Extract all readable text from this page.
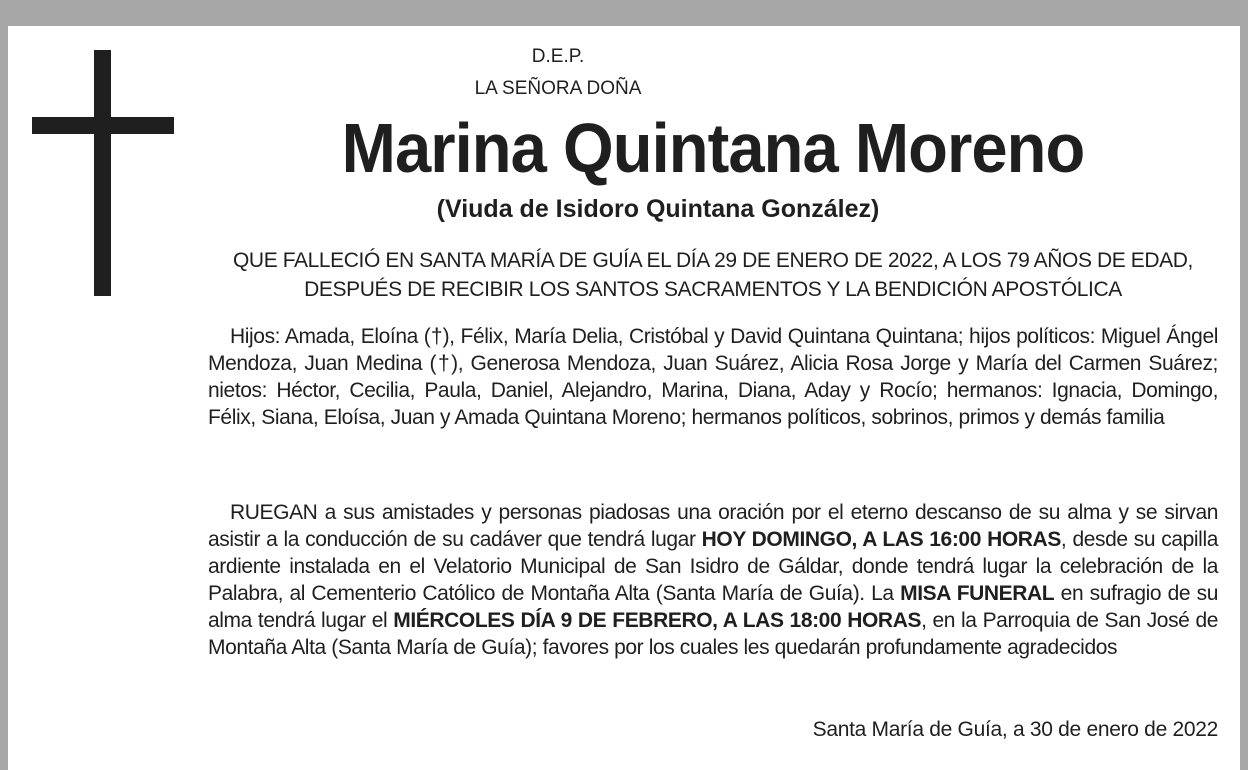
D.E.P.
LA SEÑORA DOÑA
Marina Quintana Moreno
(Viuda de Isidoro Quintana González)
QUE FALLECIÓ EN SANTA MARÍA DE GUÍA EL DÍA 29 DE ENERO DE 2022, A LOS 79 AÑOS DE EDAD, DESPUÉS DE RECIBIR LOS SANTOS SACRAMENTOS Y LA BENDICIÓN APOSTÓLICA
Hijos: Amada, Eloína (†), Félix, María Delia, Cristóbal y David Quintana Quintana; hijos políticos: Miguel Ángel Mendoza, Juan Medina (†), Generosa Mendoza, Juan Suárez, Alicia Rosa Jorge y María del Carmen Suárez; nietos: Héctor, Cecilia, Paula, Daniel, Alejandro, Marina, Diana, Aday y Rocío; hermanos: Ignacia, Domingo, Félix, Siana, Eloísa, Juan y Amada Quintana Moreno; hermanos políticos, sobrinos, primos y demás familia
RUEGAN a sus amistades y personas piadosas una oración por el eterno descanso de su alma y se sirvan asistir a la conducción de su cadáver que tendrá lugar HOY DOMINGO, A LAS 16:00 HORAS, desde su capilla ardiente instalada en el Velatorio Municipal de San Isidro de Gáldar, donde tendrá lugar la celebración de la Palabra, al Cementerio Católico de Montaña Alta (Santa María de Guía). La MISA FUNERAL en sufragio de su alma tendrá lugar el MIÉRCOLES DÍA 9 DE FEBRERO, A LAS 18:00 HORAS, en la Parroquia de San José de Montaña Alta (Santa María de Guía); favores por los cuales les quedarán profundamente agradecidos
Santa María de Guía, a 30 de enero de 2022
